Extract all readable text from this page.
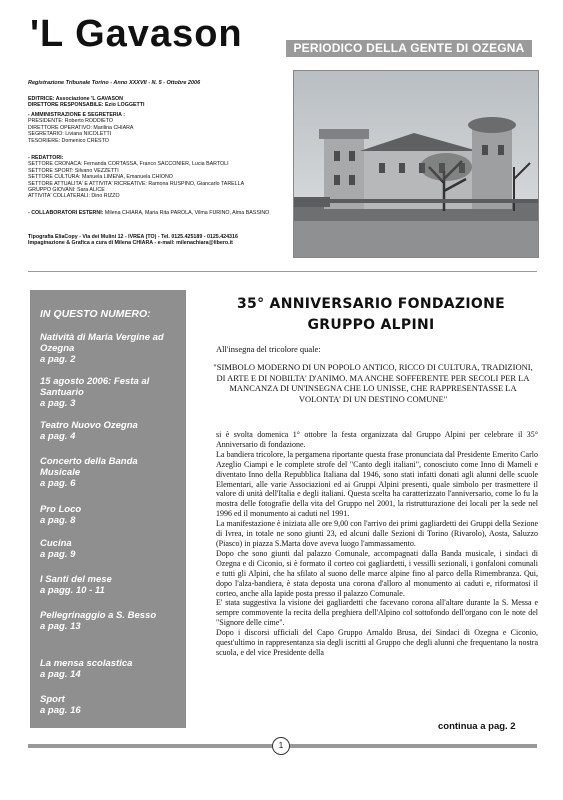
'L Gavason	PERIODICO DELLA GENTE DI OZEGNA
Registrazione Tribunale Torino - Anno XXXVII - N. 5 - Ottobre 2006
EDITRICE: Associazione 'L GAVASON
DIRETTORE RESPONSABILE: Ezio LOGGETTI
- AMMINISTRAZIONE E SEGRETERIA :
PRESIDENTE: Roberto RODDIETO
DIRETTORE OPERATIVO: Marilina CHIARA
SEGRETARIO: Liviana NICOLETTI
TESORIERE: Domenico CRESTO
- REDATTORI:
SETTORE CRONACA: Fernanda CORTASSA, Franco SACCONIER, Lucia BARTOLI
SETTORE SPORT: Silvano VEZZETTI
SETTORE CULTURA: Manuela LIMENA, Emanuela CHIONO
SETTORE ATTUALITA' E ATTIVITA' RICREATIVE: Ramona RUSPINO, Giancarlo TARELLA
GRUPPO GIOVANI: Sara ALICE
ATTIVITA' COLLATERALI: Dino RIZZO
- COLLABORATORI ESTERNI: Milena CHIARA, Maria Rita PAROLA, Vilma FURINO, Alma BASSINO
Tipografia EliaCopy - Via dei Mulini 12 - IVREA (TO) - Tel. 0125.425189 - 0125.424316
Impaginazione & Grafica a cura di Milena CHIARA - e-mail: milenachiara@libero.it
IN QUESTO NUMERO:
Natività di Maria Vergine ad Ozegna
a pag. 2
15 agosto 2006: Festa al Santuario
a pag. 3
Teatro Nuovo Ozegna
a pag. 4
Concerto della Banda Musicale
a pag. 6
Pro Loco
a pag. 8
Cucina
a pag. 9
I Santi del mese
a pagg. 10 - 11
Pellegrinaggio a S. Besso
a pag. 13
La mensa scolastica
a pag. 14
Sport
a pag. 16
35° ANNIVERSARIO FONDAZIONE
GRUPPO ALPINI
All'insegna del tricolore quale:
"SIMBOLO MODERNO DI UN POPOLO ANTICO, RICCO DI CULTURA, TRADIZIONI, DI ARTE E DI NOBILTA' D'ANIMO. MA ANCHE SOFFERENTE PER SECOLI PER LA MANCANZA DI UN'INSEGNA CHE LO UNISSE, CHE RAPPRESENTASSE LA VOLONTA' DI UN DESTINO COMUNE"

si è svolta domenica 1° ottobre la festa organizzata dal Gruppo Alpini per celebrare il 35° Anniversario di fondazione.

La bandiera tricolore, la pergamena riportante questa frase pronunciata dal Presidente Emerito Carlo Azeglio Ciampi e le complete strofe del "Canto degli italiani", conosciuto come Inno di Mameli e diventato Inno della Repubblica Italiana dal 1946, sono stati infatti donati agli alunni delle scuole Elementari, alle varie Associazioni ed ai Gruppi Alpini presenti, quale simbolo per trasmettere il valore di unità dell'Italia e degli italiani. Questa scelta ha caratterizzato l'anniversario, come lo fu la mostra delle fotografie della vita del Gruppo nel 2001, la ristrutturazione dei locali per la sede nel 1996 ed il monumento ai caduti nel 1991.

La manifestazione è iniziata alle ore 9,00 con l'arrivo dei primi gagliardetti dei Gruppi della Sezione di Ivrea, in totale ne sono giunti 23, ed alcuni dalle Sezioni di Torino (Rivarolo), Aosta, Saluzzo (Piasco) in piazza S.Marta dove aveva luogo l'ammassamento.

Dopo che sono giunti dal palazzo Comunale, accompagnati dalla Banda musicale, i sindaci di Ozegna e di Ciconio, si è formato il corteo coi gagliardetti, i vessilli sezionali, i gonfaloni comunali e tutti gli Alpini, che ha sfilato al suono delle marce alpine fino al parco della Rimembranza. Qui, dopo l'alza-bandiera, è stata deposta una corona d'alloro al monumento ai caduti e, riformatosi il corteo, anche alla lapide posta presso il palazzo Comunale.

E' stata suggestiva la visione dei gagliardetti che facevano corona all'altare durante la S. Messa e sempre commovente la recita della preghiera dell'Alpino col sottofondo dell'organo con le note del "Signore delle cime".

Dopo i discorsi ufficiali del Capo Gruppo Arnaldo Brusa, dei Sindaci di Ozegna e Ciconio, quest'ultimo in rappresentanza sia degli iscritti al Gruppo che degli alunni che frequentano la nostra scuola, e del vice Presidente della

continua a pag. 2
1
